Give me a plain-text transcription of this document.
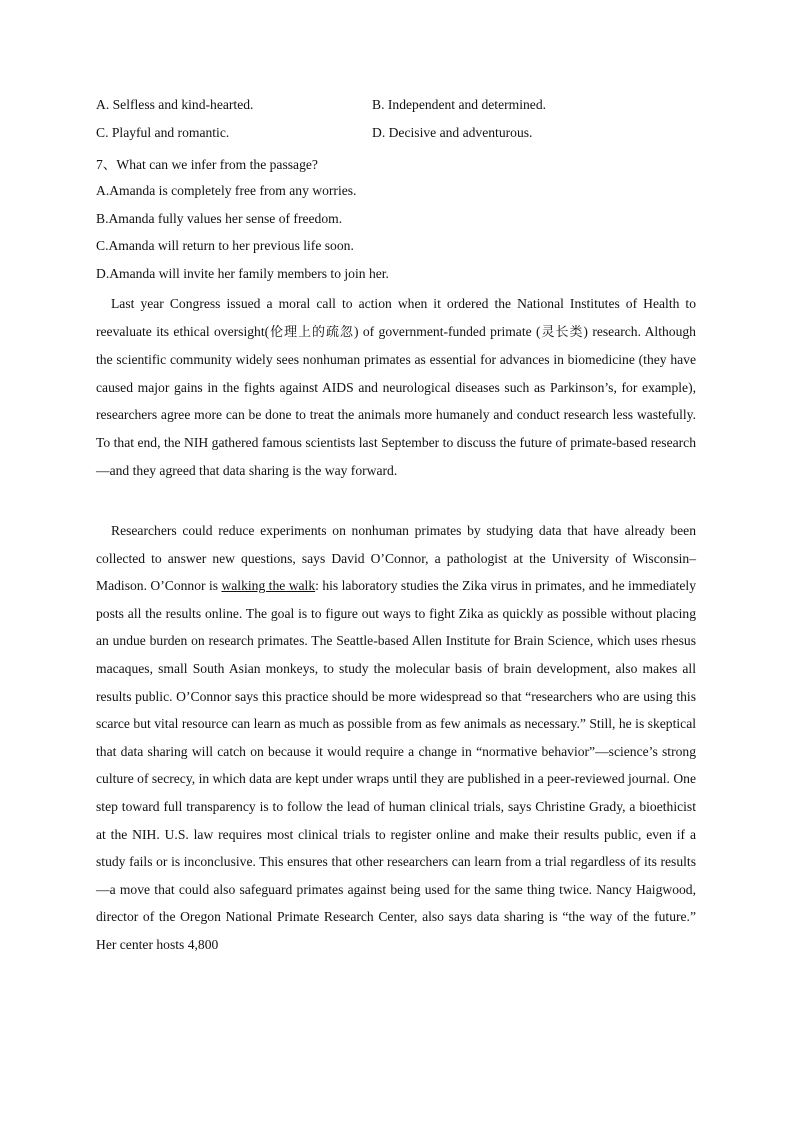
A. Selfless and kind-hearted.	B. Independent and determined.
C. Playful and romantic.	D. Decisive and adventurous.
7、What can we infer from the passage?
A.Amanda is completely free from any worries.
B.Amanda fully values her sense of freedom.
C.Amanda will return to her previous life soon.
D.Amanda will invite her family members to join her.

Last year Congress issued a moral call to action when it ordered the National Institutes of Health to reevaluate its ethical oversight(伦理上的疏忽) of government-funded primate (灵长类) research. Although the scientific community widely sees nonhuman primates as essential for advances in biomedicine (they have caused major gains in the fights against AIDS and neurological diseases such as Parkinson’s, for example), researchers agree more can be done to treat the animals more humanely and conduct research less wastefully. To that end, the NIH gathered famous scientists last September to discuss the future of primate-based research—and they agreed that data sharing is the way forward.

Researchers could reduce experiments on nonhuman primates by studying data that have already been collected to answer new questions, says David O’Connor, a pathologist at the University of Wisconsin–Madison. O’Connor is walking the walk: his laboratory studies the Zika virus in primates, and he immediately posts all the results online. The goal is to figure out ways to fight Zika as quickly as possible without placing an undue burden on research primates. The Seattle-based Allen Institute for Brain Science, which uses rhesus macaques, small South Asian monkeys, to study the molecular basis of brain development, also makes all results public. O’Connor says this practice should be more widespread so that “researchers who are using this scarce but vital resource can learn as much as possible from as few animals as necessary.” Still, he is skeptical that data sharing will catch on because it would require a change in “normative behavior”—science’s strong culture of secrecy, in which data are kept under wraps until they are published in a peer-reviewed journal. One step toward full transparency is to follow the lead of human clinical trials, says Christine Grady, a bioethicist at the NIH. U.S. law requires most clinical trials to register online and make their results public, even if a study fails or is inconclusive. This ensures that other researchers can learn from a trial regardless of its results—a move that could also safeguard primates against being used for the same thing twice. Nancy Haigwood, director of the Oregon National Primate Research Center, also says data sharing is “the way of the future.” Her center hosts 4,800
